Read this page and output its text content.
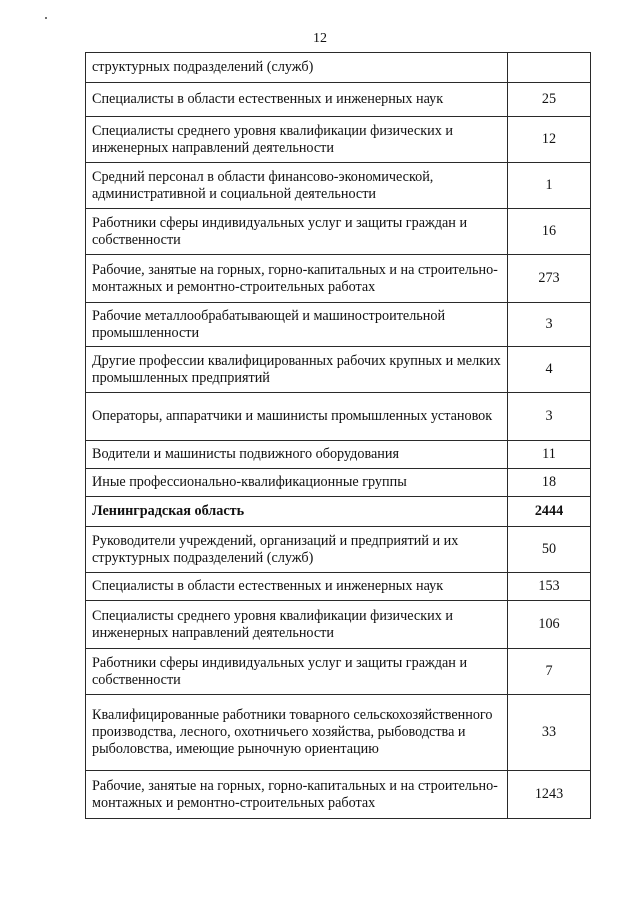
12
структурных подразделений (служб)	
Специалисты в области естественных и инженерных наук	25
Специалисты среднего уровня квалификации физических и инженерных направлений деятельности	12
Средний персонал в области финансово-экономической, административной и социальной деятельности	1
Работники сферы индивидуальных услуг и защиты граждан и собственности	16
Рабочие, занятые на горных, горно-капитальных и на строительно-монтажных и ремонтно-строительных работах	273
Рабочие металлообрабатывающей и машиностроительной промышленности	3
Другие профессии квалифицированных рабочих крупных и мелких промышленных предприятий	4
Операторы, аппаратчики и машинисты промышленных установок	3
Водители и машинисты подвижного оборудования	11
Иные профессионально-квалификационные группы	18
Ленинградская область	2444
Руководители учреждений, организаций и предприятий и их структурных подразделений (служб)	50
Специалисты в области естественных и инженерных наук	153
Специалисты среднего уровня квалификации физических и инженерных направлений деятельности	106
Работники сферы индивидуальных услуг и защиты граждан и собственности	7
Квалифицированные работники товарного сельскохозяйственного производства, лесного, охотничьего хозяйства, рыбоводства и рыболовства, имеющие рыночную ориентацию	33
Рабочие, занятые на горных, горно-капитальных и на строительно-монтажных и ремонтно-строительных работах	1243
